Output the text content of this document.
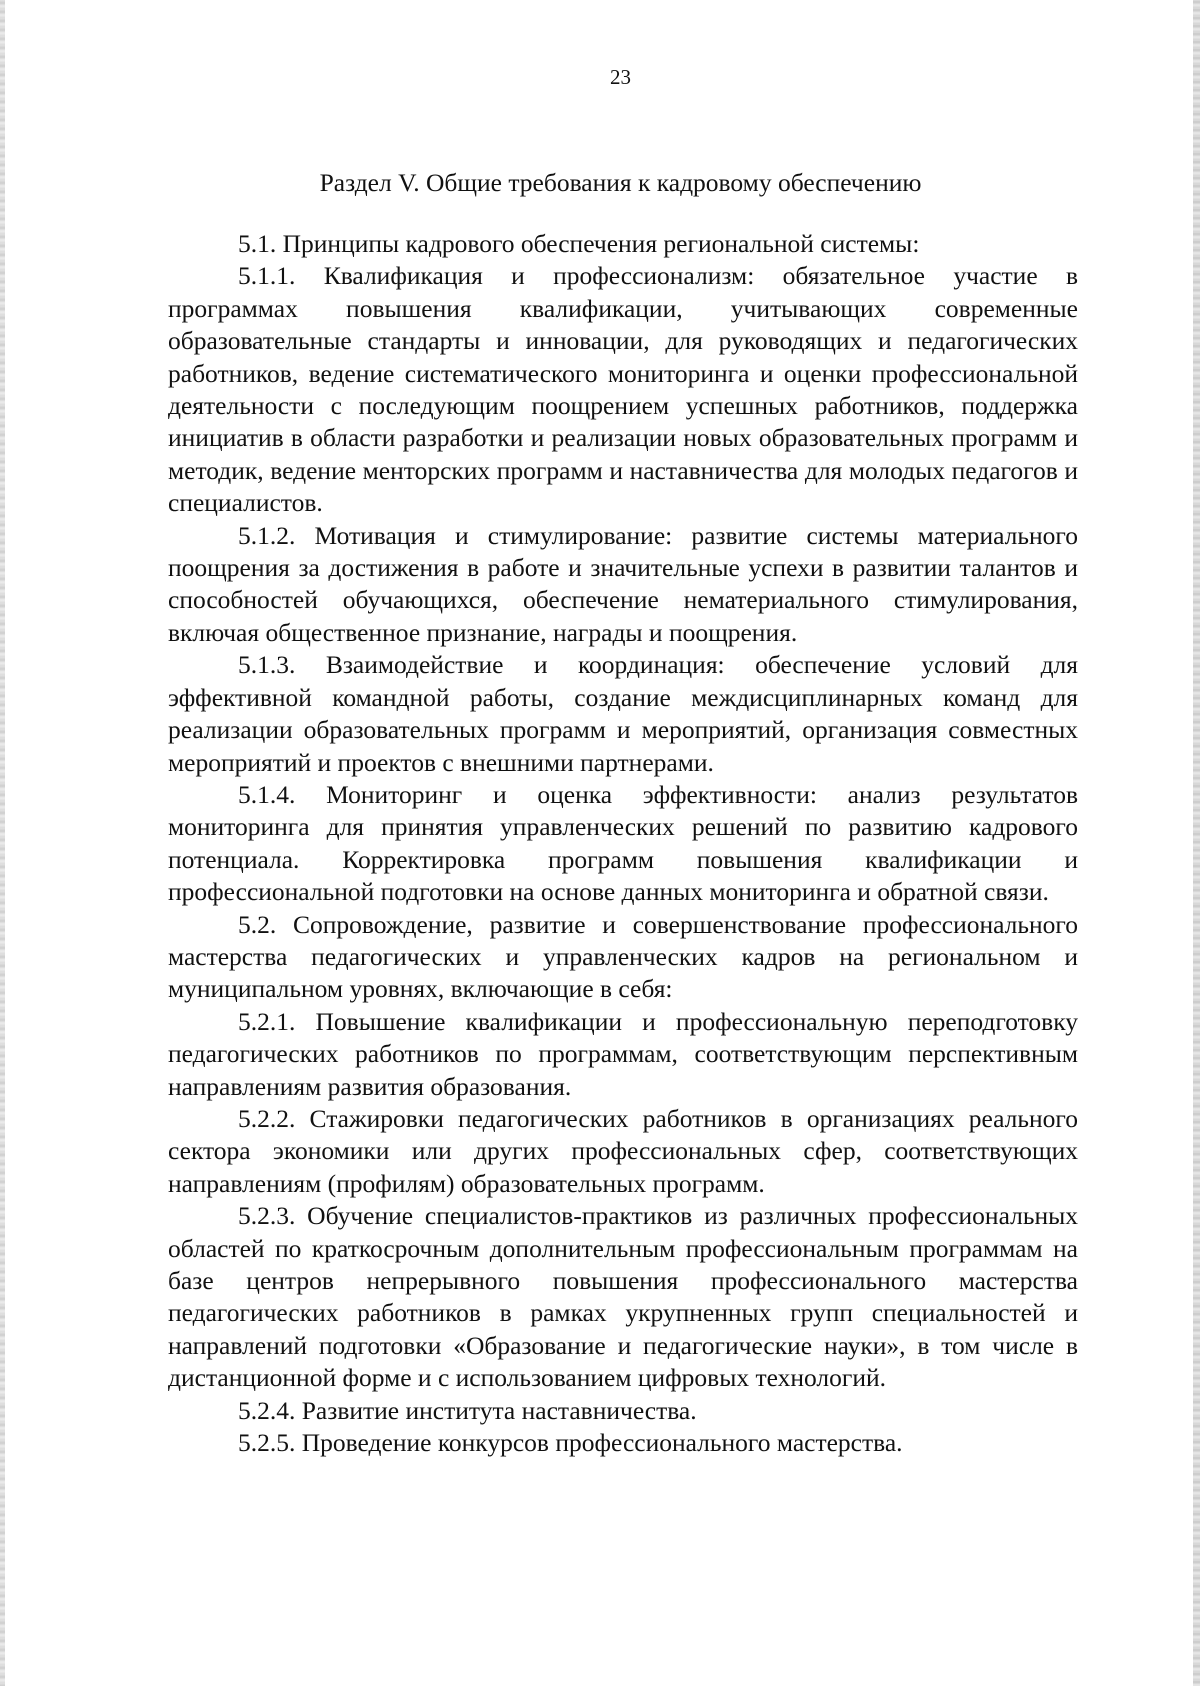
23
Раздел V. Общие требования к кадровому обеспечению

5.1. Принципы кадрового обеспечения региональной системы:

5.1.1. Квалификация и профессионализм: обязательное участие в программах повышения квалификации, учитывающих современные образовательные стандарты и инновации, для руководящих и педагогических работников, ведение систематического мониторинга и оценки профессиональной деятельности с последующим поощрением успешных работников, поддержка инициатив в области разработки и реализации новых образовательных программ и методик, ведение менторских программ и наставничества для молодых педагогов и специалистов.

5.1.2. Мотивация и стимулирование: развитие системы материального поощрения за достижения в работе и значительные успехи в развитии талантов и способностей обучающихся, обеспечение нематериального стимулирования, включая общественное признание, награды и поощрения.

5.1.3. Взаимодействие и координация: обеспечение условий для эффективной командной работы, создание междисциплинарных команд для реализации образовательных программ и мероприятий, организация совместных мероприятий и проектов с внешними партнерами.

5.1.4. Мониторинг и оценка эффективности: анализ результатов мониторинга для принятия управленческих решений по развитию кадрового потенциала. Корректировка программ повышения квалификации и профессиональной подготовки на основе данных мониторинга и обратной связи.

5.2. Сопровождение, развитие и совершенствование профессионального мастерства педагогических и управленческих кадров на региональном и муниципальном уровнях, включающие в себя:

5.2.1. Повышение квалификации и профессиональную переподготовку педагогических работников по программам, соответствующим перспективным направлениям развития образования.

5.2.2. Стажировки педагогических работников в организациях реального сектора экономики или других профессиональных сфер, соответствующих направлениям (профилям) образовательных программ.

5.2.3. Обучение специалистов-практиков из различных профессиональных областей по краткосрочным дополнительным профессиональным программам на базе центров непрерывного повышения профессионального мастерства педагогических работников в рамках укрупненных групп специальностей и направлений подготовки «Образование и педагогические науки», в том числе в дистанционной форме и с использованием цифровых технологий.

5.2.4. Развитие института наставничества.

5.2.5. Проведение конкурсов профессионального мастерства.
